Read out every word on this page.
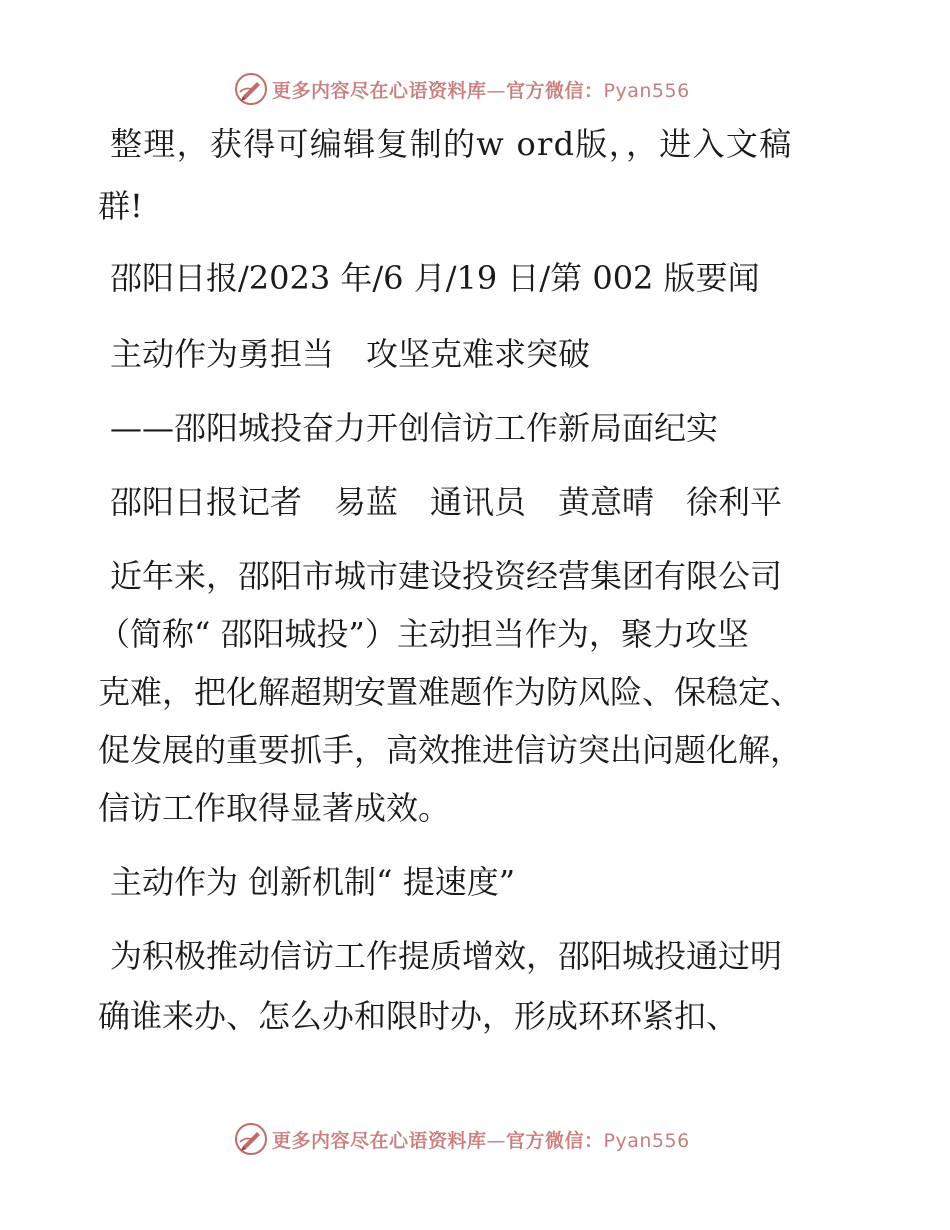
更多内容尽在心语资料库—官方微信：Pyan556
整理，获得可编辑复制的w ord版，，进入文稿
群!
邵阳日报/2023 年/6 月/19 日/第 002 版要闻
主动作为勇担当　攻坚克难求突破
——邵阳城投奋力开创信访工作新局面纪实
邵阳日报记者　易蓝　通讯员　黄意晴　徐利平
近年来，邵阳市城市建设投资经营集团有限公司
（简称“ 邵阳城投”）主动担当作为，聚力攻坚
克难，把化解超期安置难题作为防风险、保稳定、
促发展的重要抓手，高效推进信访突出问题化解，
信访工作取得显著成效。
主动作为 创新机制“ 提速度”
为积极推动信访工作提质增效，邵阳城投通过明
确谁来办、怎么办和限时办，形成环环紧扣、
更多内容尽在心语资料库—官方微信：Pyan556
